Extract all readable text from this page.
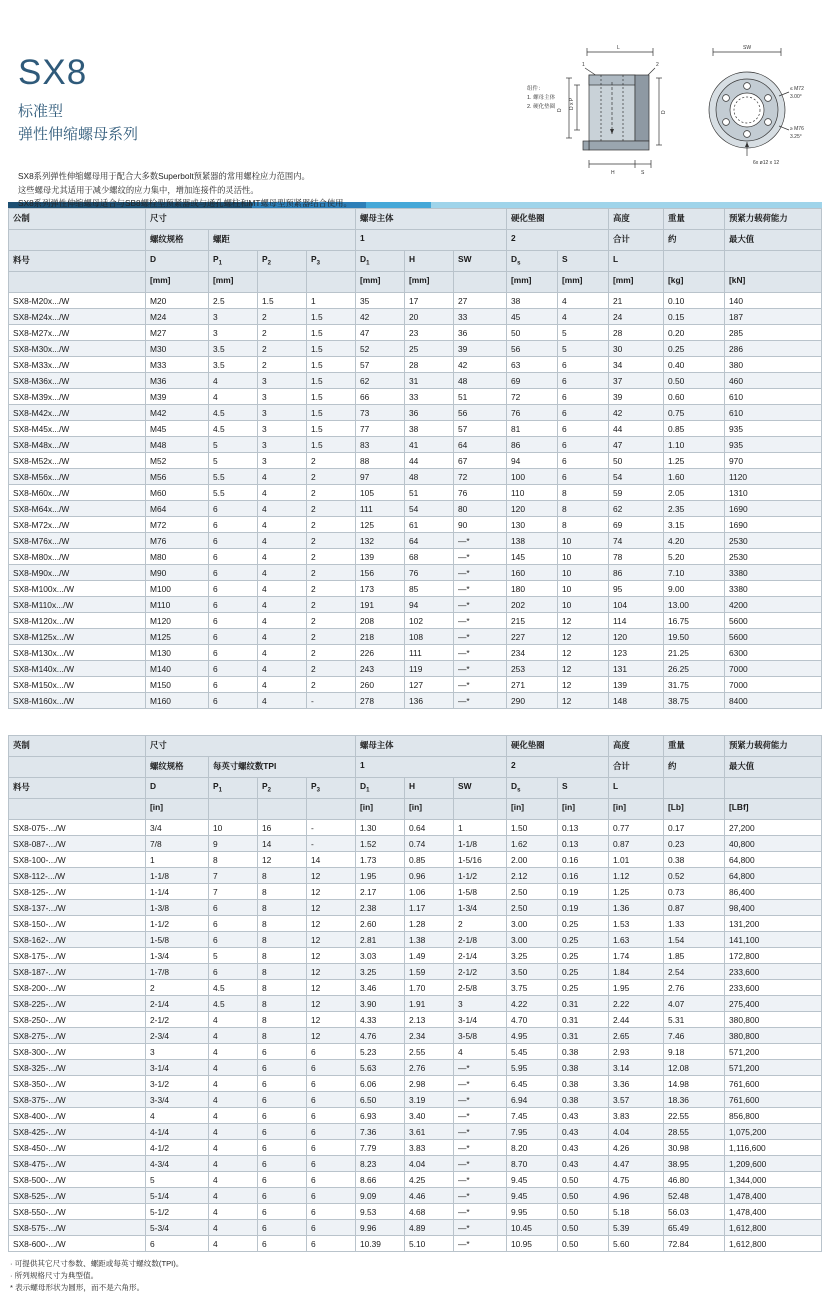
SX8
标准型
弹性伸缩螺母系列

SX8系列弹性伸缩螺母用于配合大多数Superbolt预紧器的常用螺栓应力范围内。

这些螺母尤其适用于减少螺纹的应力集中，增加连接件的灵活性。

SX8系列弹性伸缩螺母适合与SB8螺栓型预紧器或与通孔螺柱和MT螺母型预紧器结合使用。

组件：
1. 螺母主体
2. 硬化垫圈
L
1	2
D
D x P
D
H	S
SW
≤ M72
3.00°
≥ M76
3.25°
6x ø12 x 12
公制	尺寸				螺母主体			硬化垫圈		高度	重量	预紧力载荷能力
	螺纹规格	螺距			1			2		合计	约	最大值
料号	D	$P_1$	$P_2$	$P_3$	$D_1$	H	SW	$D_s$	S	L		
	[mm]	[mm]			[mm]	[mm]		[mm]	[mm]	[mm]	[kg]	[kN]
SX8-M20x.../W	M20	2.5	1.5	1	35	17	27	38	4	21	0.10	140
SX8-M24x.../W	M24	3	2	1.5	42	20	33	45	4	24	0.15	187
SX8-M27x.../W	M27	3	2	1.5	47	23	36	50	5	28	0.20	285
SX8-M30x.../W	M30	3.5	2	1.5	52	25	39	56	5	30	0.25	286
SX8-M33x.../W	M33	3.5	2	1.5	57	28	42	63	6	34	0.40	380
SX8-M36x.../W	M36	4	3	1.5	62	31	48	69	6	37	0.50	460
SX8-M39x.../W	M39	4	3	1.5	66	33	51	72	6	39	0.60	610
SX8-M42x.../W	M42	4.5	3	1.5	73	36	56	76	6	42	0.75	610
SX8-M45x.../W	M45	4.5	3	1.5	77	38	57	81	6	44	0.85	935
SX8-M48x.../W	M48	5	3	1.5	83	41	64	86	6	47	1.10	935
SX8-M52x.../W	M52	5	3	2	88	44	67	94	6	50	1.25	970
SX8-M56x.../W	M56	5.5	4	2	97	48	72	100	6	54	1.60	1120
SX8-M60x.../W	M60	5.5	4	2	105	51	76	110	8	59	2.05	1310
SX8-M64x.../W	M64	6	4	2	111	54	80	120	8	62	2.35	1690
SX8-M72x.../W	M72	6	4	2	125	61	90	130	8	69	3.15	1690
SX8-M76x.../W	M76	6	4	2	132	64	—*	138	10	74	4.20	2530
SX8-M80x.../W	M80	6	4	2	139	68	—*	145	10	78	5.20	2530
SX8-M90x.../W	M90	6	4	2	156	76	—*	160	10	86	7.10	3380
SX8-M100x.../W	M100	6	4	2	173	85	—*	180	10	95	9.00	3380
SX8-M110x.../W	M110	6	4	2	191	94	—*	202	10	104	13.00	4200
SX8-M120x.../W	M120	6	4	2	208	102	—*	215	12	114	16.75	5600
SX8-M125x.../W	M125	6	4	2	218	108	—*	227	12	120	19.50	5600
SX8-M130x.../W	M130	6	4	2	226	111	—*	234	12	123	21.25	6300
SX8-M140x.../W	M140	6	4	2	243	119	—*	253	12	131	26.25	7000
SX8-M150x.../W	M150	6	4	2	260	127	—*	271	12	139	31.75	7000
SX8-M160x.../W	M160	6	4	-	278	136	—*	290	12	148	38.75	8400
英制	尺寸				螺母主体			硬化垫圈		高度	重量	预紧力载荷能力
	螺纹规格	每英寸螺纹数TPI			1			2		合计	约	最大值
料号	D	$P_1$	$P_2$	$P_3$	$D_1$	H	SW	$D_s$	S	L		
	[in]				[in]	[in]		[in]	[in]	[in]	[Lb]	[LBf]
SX8-075-.../W	3/4	10	16	-	1.30	0.64	1	1.50	0.13	0.77	0.17	27,200
SX8-087-.../W	7/8	9	14	-	1.52	0.74	1-1/8	1.62	0.13	0.87	0.23	40,800
SX8-100-.../W	1	8	12	14	1.73	0.85	1-5/16	2.00	0.16	1.01	0.38	64,800
SX8-112-.../W	1-1/8	7	8	12	1.95	0.96	1-1/2	2.12	0.16	1.12	0.52	64,800
SX8-125-.../W	1-1/4	7	8	12	2.17	1.06	1-5/8	2.50	0.19	1.25	0.73	86,400
SX8-137-.../W	1-3/8	6	8	12	2.38	1.17	1-3/4	2.50	0.19	1.36	0.87	98,400
SX8-150-.../W	1-1/2	6	8	12	2.60	1.28	2	3.00	0.25	1.53	1.33	131,200
SX8-162-.../W	1-5/8	6	8	12	2.81	1.38	2-1/8	3.00	0.25	1.63	1.54	141,100
SX8-175-.../W	1-3/4	5	8	12	3.03	1.49	2-1/4	3.25	0.25	1.74	1.85	172,800
SX8-187-.../W	1-7/8	6	8	12	3.25	1.59	2-1/2	3.50	0.25	1.84	2.54	233,600
SX8-200-.../W	2	4.5	8	12	3.46	1.70	2-5/8	3.75	0.25	1.95	2.76	233,600
SX8-225-.../W	2-1/4	4.5	8	12	3.90	1.91	3	4.22	0.31	2.22	4.07	275,400
SX8-250-.../W	2-1/2	4	8	12	4.33	2.13	3-1/4	4.70	0.31	2.44	5.31	380,800
SX8-275-.../W	2-3/4	4	8	12	4.76	2.34	3-5/8	4.95	0.31	2.65	7.46	380,800
SX8-300-.../W	3	4	6	6	5.23	2.55	4	5.45	0.38	2.93	9.18	571,200
SX8-325-.../W	3-1/4	4	6	6	5.63	2.76	—*	5.95	0.38	3.14	12.08	571,200
SX8-350-.../W	3-1/2	4	6	6	6.06	2.98	—*	6.45	0.38	3.36	14.98	761,600
SX8-375-.../W	3-3/4	4	6	6	6.50	3.19	—*	6.94	0.38	3.57	18.36	761,600
SX8-400-.../W	4	4	6	6	6.93	3.40	—*	7.45	0.43	3.83	22.55	856,800
SX8-425-.../W	4-1/4	4	6	6	7.36	3.61	—*	7.95	0.43	4.04	28.55	1,075,200
SX8-450-.../W	4-1/2	4	6	6	7.79	3.83	—*	8.20	0.43	4.26	30.98	1,116,600
SX8-475-.../W	4-3/4	4	6	6	8.23	4.04	—*	8.70	0.43	4.47	38.95	1,209,600
SX8-500-.../W	5	4	6	6	8.66	4.25	—*	9.45	0.50	4.75	46.80	1,344,000
SX8-525-.../W	5-1/4	4	6	6	9.09	4.46	—*	9.45	0.50	4.96	52.48	1,478,400
SX8-550-.../W	5-1/2	4	6	6	9.53	4.68	—*	9.95	0.50	5.18	56.03	1,478,400
SX8-575-.../W	5-3/4	4	6	6	9.96	4.89	—*	10.45	0.50	5.39	65.49	1,612,800
SX8-600-.../W	6	4	6	6	10.39	5.10	—*	10.95	0.50	5.60	72.84	1,612,800
· 可提供其它尺寸参数、螺距或每英寸螺纹数(TPI)。
· 所列规格尺寸为典型值。
* 表示螺母形状为圆形，而不是六角形。
